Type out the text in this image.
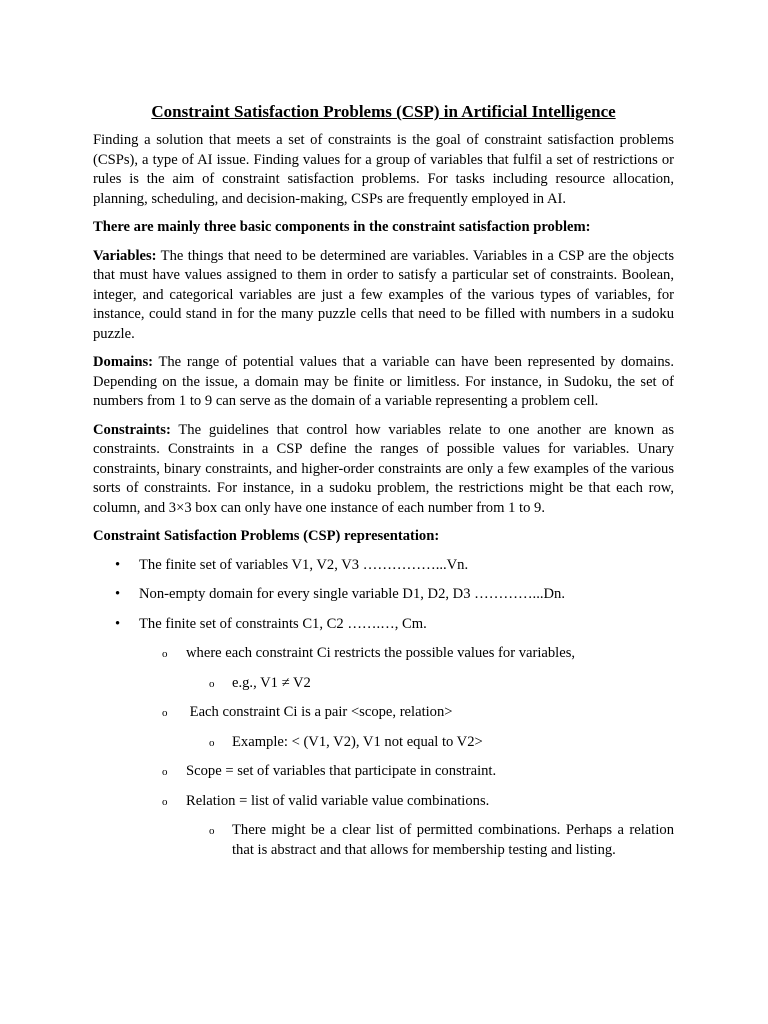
Constraint Satisfaction Problems (CSP) in Artificial Intelligence

Finding a solution that meets a set of constraints is the goal of constraint satisfaction problems (CSPs), a type of AI issue. Finding values for a group of variables that fulfil a set of restrictions or rules is the aim of constraint satisfaction problems. For tasks including resource allocation, planning, scheduling, and decision-making, CSPs are frequently employed in AI.

There are mainly three basic components in the constraint satisfaction problem:

Variables: The things that need to be determined are variables. Variables in a CSP are the objects that must have values assigned to them in order to satisfy a particular set of constraints. Boolean, integer, and categorical variables are just a few examples of the various types of variables, for instance, could stand in for the many puzzle cells that need to be filled with numbers in a sudoku puzzle.

Domains: The range of potential values that a variable can have been represented by domains. Depending on the issue, a domain may be finite or limitless. For instance, in Sudoku, the set of numbers from 1 to 9 can serve as the domain of a variable representing a problem cell.

Constraints: The guidelines that control how variables relate to one another are known as constraints. Constraints in a CSP define the ranges of possible values for variables. Unary constraints, binary constraints, and higher-order constraints are only a few examples of the various sorts of constraints. For instance, in a sudoku problem, the restrictions might be that each row, column, and 3×3 box can only have one instance of each number from 1 to 9.

Constraint Satisfaction Problems (CSP) representation:

• The finite set of variables V1, V2, V3 ……………...Vn.
• Non-empty domain for every single variable D1, D2, D3 …………...Dn.
• The finite set of constraints C1, C2 …….…, Cm.
o where each constraint Ci restricts the possible values for variables,
o e.g., V1 ≠ V2
o Each constraint Ci is a pair <scope, relation>
o Example: < (V1, V2), V1 not equal to V2>
o Scope = set of variables that participate in constraint.
o Relation = list of valid variable value combinations.
o There might be a clear list of permitted combinations. Perhaps a relation that is abstract and that allows for membership testing and listing.
